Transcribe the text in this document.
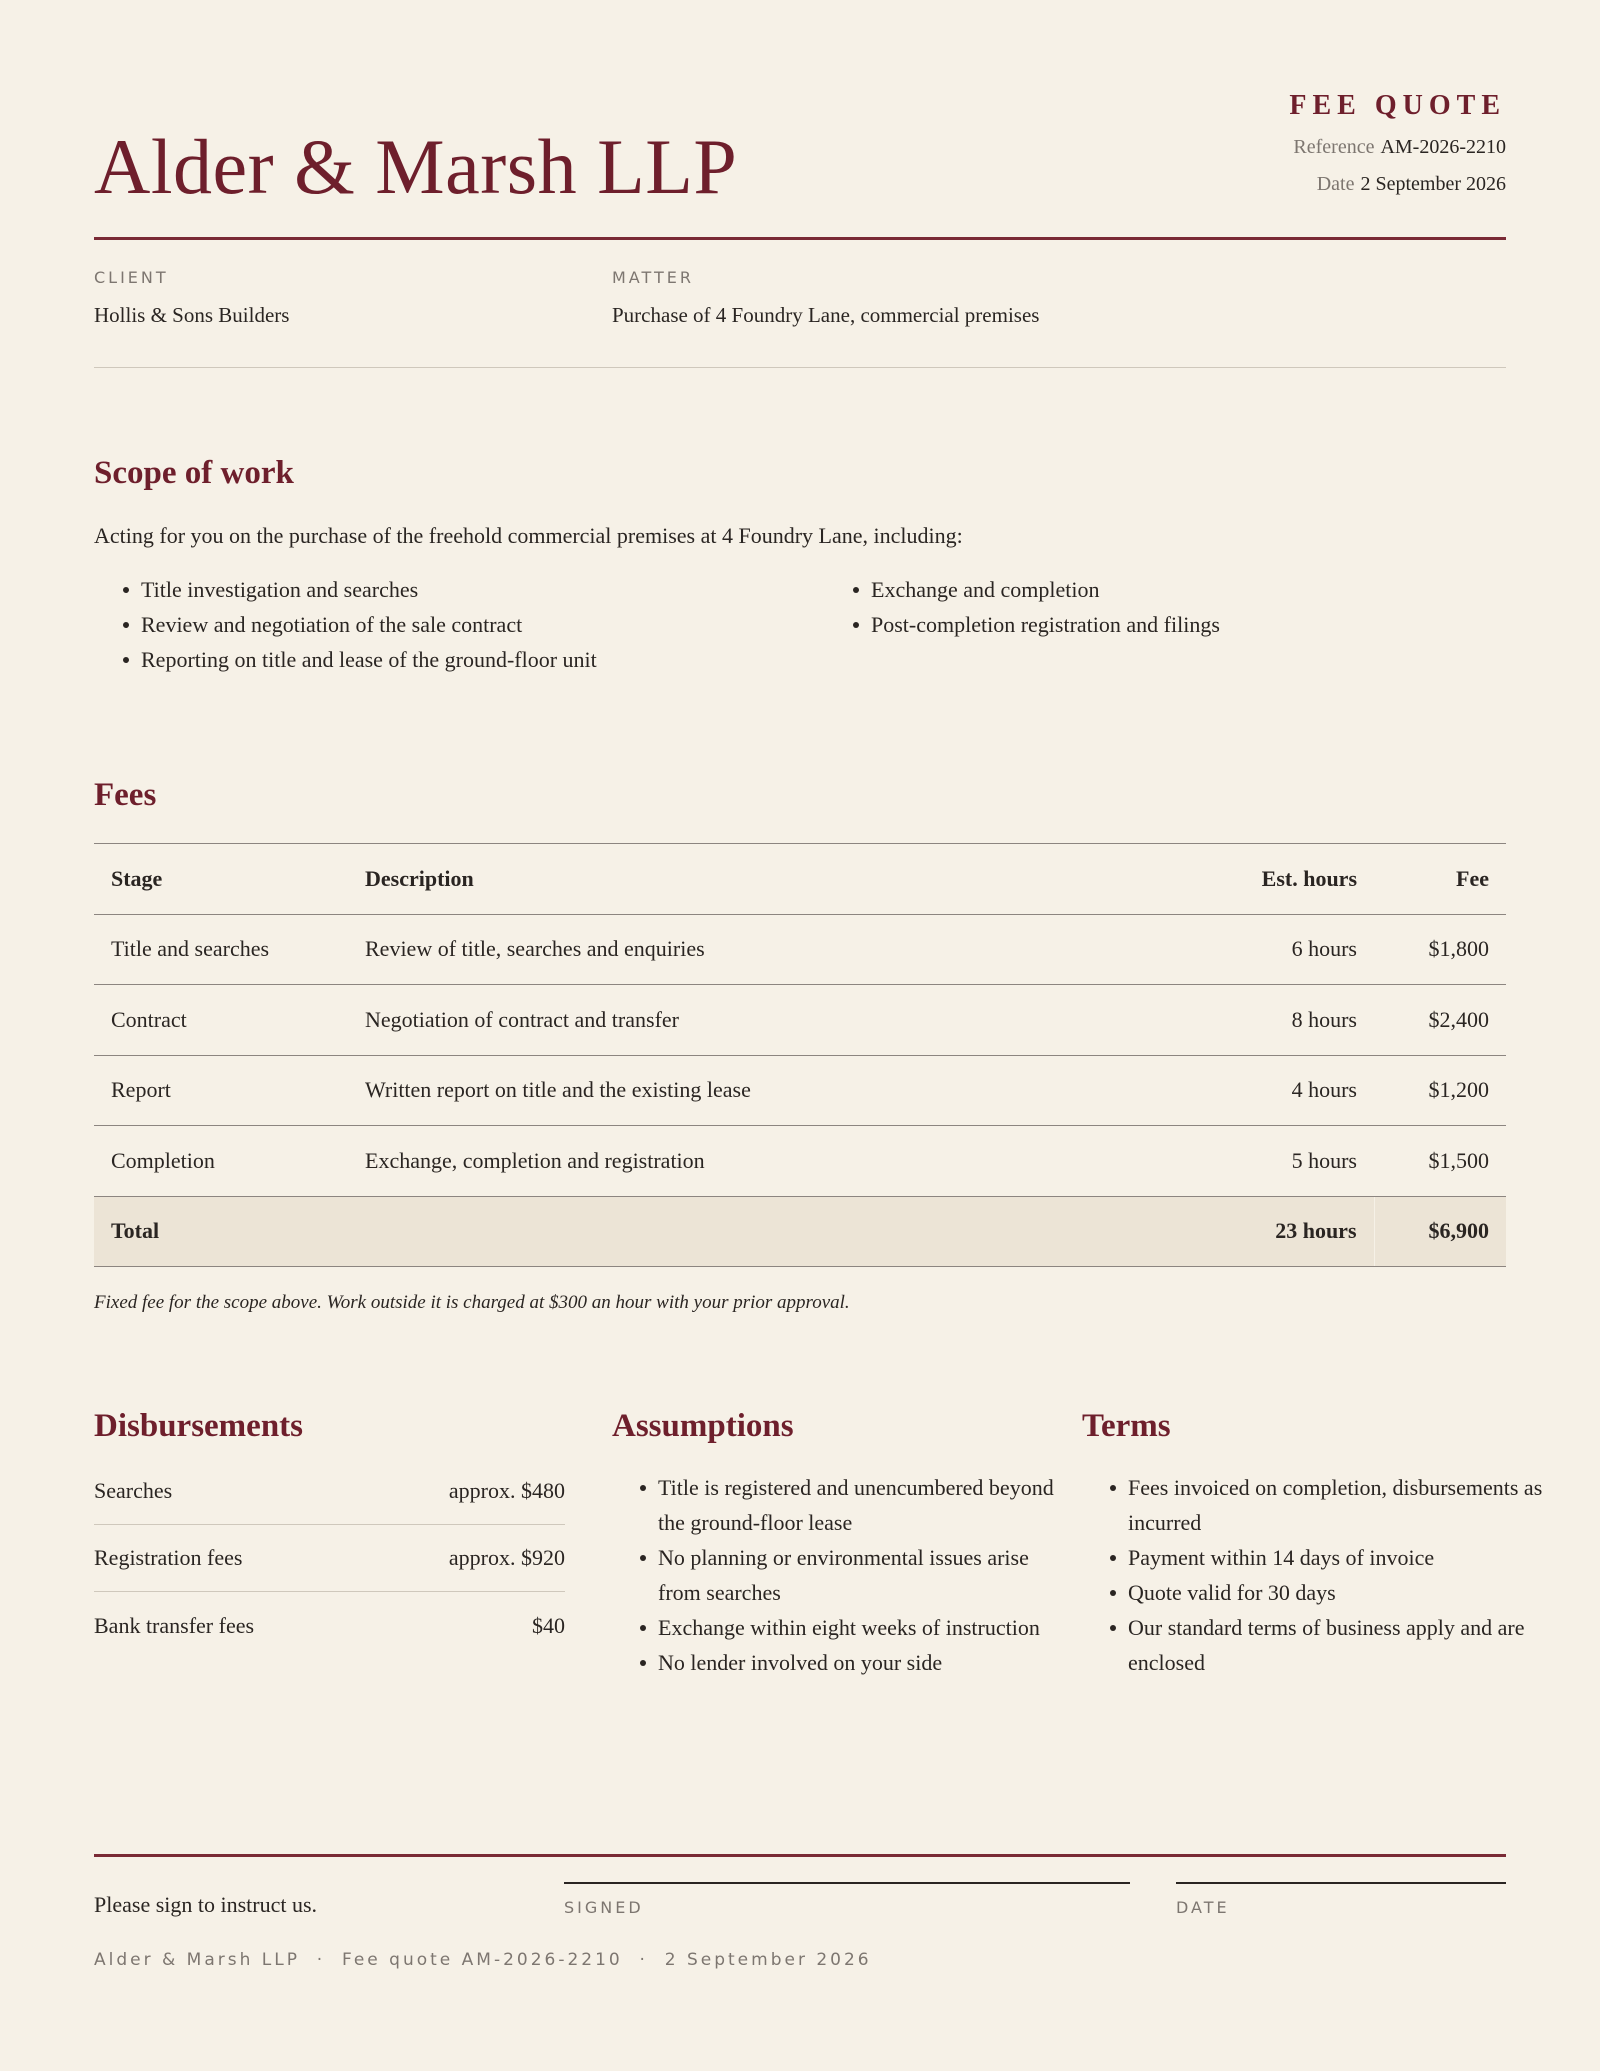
Alder & Marsh LLP
FEE QUOTE
Reference AM-2026-2210
Date 2 September 2026
CLIENT
Hollis & Sons Builders
MATTER
Purchase of 4 Foundry Lane, commercial premises
Scope of work
Acting for you on the purchase of the freehold commercial premises at 4 Foundry Lane, including:
Title investigation and searches
Review and negotiation of the sale contract
Reporting on title and lease of the ground-floor unit
Exchange and completion
Post-completion registration and filings
Fees
Stage	Description	Est. hours	Fee
Title and searches	Review of title, searches and enquiries	6 hours	$1,800
Contract	Negotiation of contract and transfer	8 hours	$2,400
Report	Written report on title and the existing lease	4 hours	$1,200
Completion	Exchange, completion and registration	5 hours	$1,500
Total		23 hours	$6,900
Fixed fee for the scope above. Work outside it is charged at $300 an hour with your prior approval.
Disbursements
Searches	approx. $480
Registration fees	approx. $920
Bank transfer fees	$40
Assumptions
Title is registered and unencumbered beyond the ground-floor lease
No planning or environmental issues arise from searches
Exchange within eight weeks of instruction
No lender involved on your side
Terms
Fees invoiced on completion, disbursements as incurred
Payment within 14 days of invoice
Quote valid for 30 days
Our standard terms of business apply and are enclosed
Please sign to instruct us.	SIGNED	DATE
Alder & Marsh LLP  ·  Fee quote AM-2026-2210  ·  2 September 2026
